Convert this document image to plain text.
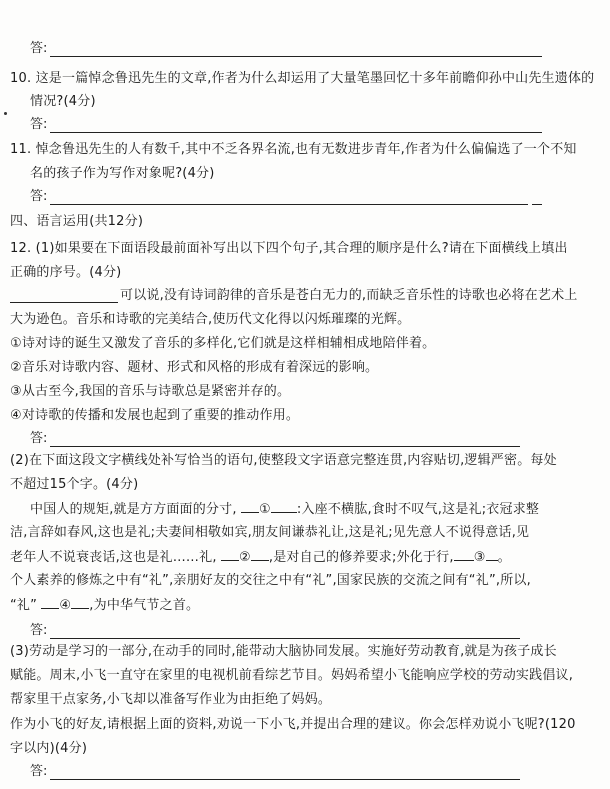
答:
10. 这是一篇悼念鲁迅先生的文章,作者为什么却运用了大量笔墨回忆十多年前瞻仰孙中山先生遗体的
情况?(4分)
答:
11. 悼念鲁迅先生的人有数千,其中不乏各界名流,也有无数进步青年,作者为什么偏偏选了一个不知
名的孩子作为写作对象呢?(4分)
答:
四、语言运用(共12分)
12. (1)如果要在下面语段最前面补写出以下四个句子,其合理的顺序是什么?请在下面横线上填出
正确的序号。(4分)
可以说,没有诗词韵律的音乐是苍白无力的,而缺乏音乐性的诗歌也必将在艺术上
大为逊色。音乐和诗歌的完美结合,使历代文化得以闪烁璀璨的光辉。
①诗对诗的诞生又激发了音乐的多样化,它们就是这样相辅相成地陪伴着。
②音乐对诗歌内容、题材、形式和风格的形成有着深远的影响。
③从古至今,我国的音乐与诗歌总是紧密并存的。
④对诗歌的传播和发展也起到了重要的推动作用。
答:
(2)在下面这段文字横线处补写恰当的语句,使整段文字语意完整连贯,内容贴切,逻辑严密。每处
不超过15个字。(4分)
中国人的规矩,就是方方面面的分寸, ① :入座不横肱,食时不叹气,这是礼;衣冠求整
洁,言辞如春风,这也是礼;夫妻间相敬如宾,朋友间谦恭礼让,这是礼;见先意人不说得意话,见
老年人不说衰丧话,这也是礼……礼, ② ,是对自己的修养要求;外化于行, ③ 。
个人素养的修炼之中有“礼”,亲朋好友的交往之中有“礼”,国家民族的交流之间有“礼”,所以,
“礼” ④ ,为中华气节之首。
答:
(3)劳动是学习的一部分,在动手的同时,能带动大脑协同发展。实施好劳动教育,就是为孩子成长
赋能。周末,小飞一直守在家里的电视机前看综艺节目。妈妈希望小飞能响应学校的劳动实践倡议,
帮家里干点家务,小飞却以准备写作业为由拒绝了妈妈。
作为小飞的好友,请根据上面的资料,劝说一下小飞,并提出合理的建议。你会怎样劝说小飞呢?(120
字以内)(4分)
答:
